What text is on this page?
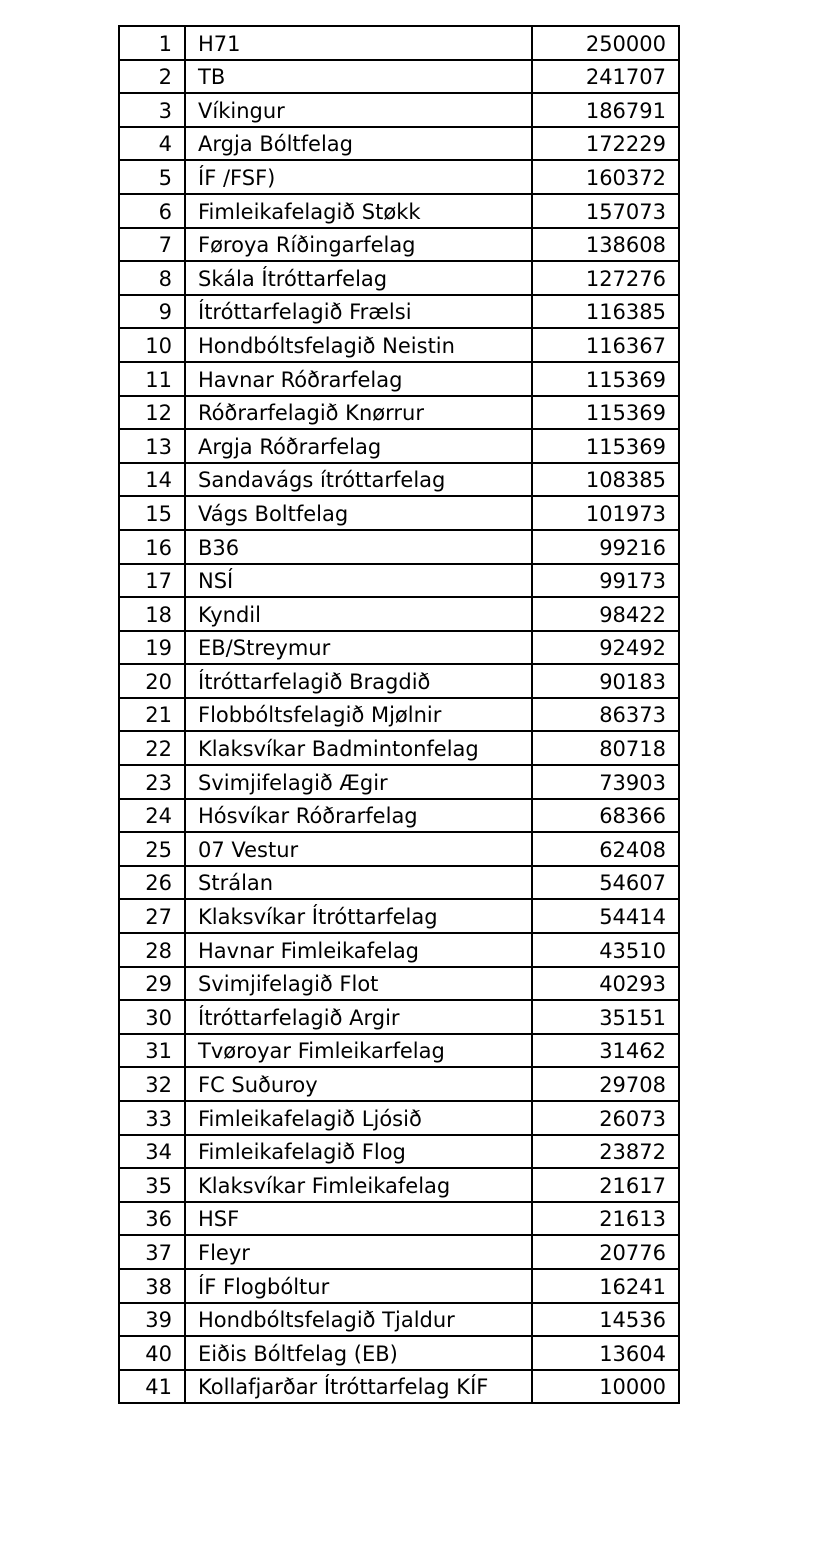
1	H71	250000
2	TB	241707
3	Víkingur	186791
4	Argja Bóltfelag	172229
5	ÍF /FSF)	160372
6	Fimleikafelagið Støkk	157073
7	Føroya Ríðingarfelag	138608
8	Skála Ítróttarfelag	127276
9	Ítróttarfelagið Frælsi	116385
10	Hondbóltsfelagið Neistin	116367
11	Havnar Róðrarfelag	115369
12	Róðrarfelagið Knørrur	115369
13	Argja Róðrarfelag	115369
14	Sandavágs ítróttarfelag	108385
15	Vágs Boltfelag	101973
16	B36	99216
17	NSÍ	99173
18	Kyndil	98422
19	EB/Streymur	92492
20	Ítróttarfelagið Bragdið	90183
21	Flobbóltsfelagið Mjølnir	86373
22	Klaksvíkar Badmintonfelag	80718
23	Svimjifelagið Ægir	73903
24	Hósvíkar Róðrarfelag	68366
25	07 Vestur	62408
26	Strálan	54607
27	Klaksvíkar Ítróttarfelag	54414
28	Havnar Fimleikafelag	43510
29	Svimjifelagið Flot	40293
30	Ítróttarfelagið Argir	35151
31	Tvøroyar Fimleikarfelag	31462
32	FC Suðuroy	29708
33	Fimleikafelagið Ljósið	26073
34	Fimleikafelagið Flog	23872
35	Klaksvíkar Fimleikafelag	21617
36	HSF	21613
37	Fleyr	20776
38	ÍF Flogbóltur	16241
39	Hondbóltsfelagið Tjaldur	14536
40	Eiðis Bóltfelag (EB)	13604
41	Kollafjarðar Ítróttarfelag KÍF	10000
